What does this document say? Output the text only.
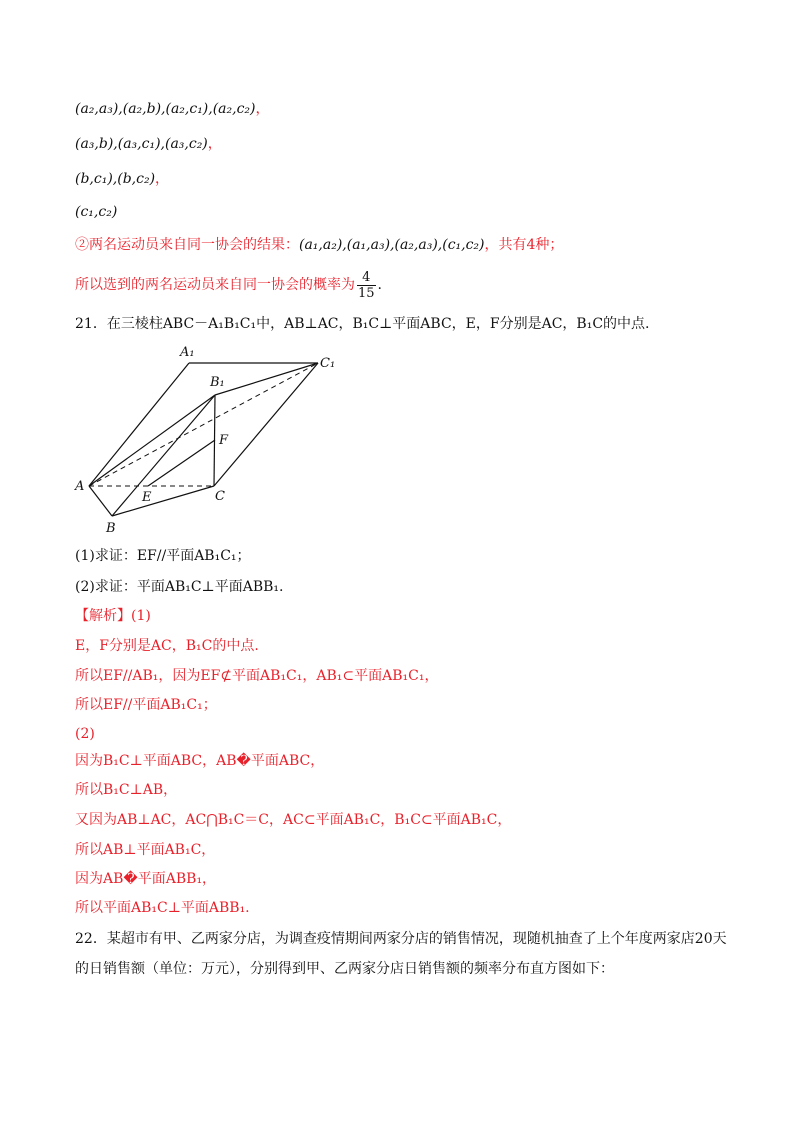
(a₂,a₃),(a₂,b),(a₂,c₁),(a₂,c₂)，
(a₃,b),(a₃,c₁),(a₃,c₂)，
(b,c₁),(b,c₂)，
(c₁,c₂)
②两名运动员来自同一协会的结果：(a₁,a₂),(a₁,a₃),(a₂,a₃),(c₁,c₂)，共有4种；
所以选到的两名运动员来自同一协会的概率为 $\frac{4}{15}$ .
21．在三棱柱ABC－A₁B₁C₁中，AB⊥AC，B₁C⊥平面ABC，E，F分别是AC，B₁C的中点.
A₁
B₁
C₁
A
B
C
E
F
(1)求证：EF//平面AB₁C₁；
(2)求证：平面AB₁C⊥平面ABB₁.
【解析】(1)
E，F分别是AC，B₁C的中点.
所以EF//AB₁，因为EF⊄平面AB₁C₁，AB₁⊂平面AB₁C₁，
所以EF//平面AB₁C₁；
(2)
因为B₁C⊥平面ABC，AB�平面ABC，
所以B₁C⊥AB，
又因为AB⊥AC，AC⋂B₁C＝C，AC⊂平面AB₁C，B₁C⊂平面AB₁C，
所以AB⊥平面AB₁C，
因为AB�平面ABB₁，
所以平面AB₁C⊥平面ABB₁.
22．某超市有甲、乙两家分店，为调查疫情期间两家分店的销售情况，现随机抽查了上个年度两家店20天的日销售额（单位：万元），分别得到甲、乙两家分店日销售额的频率分布直方图如下：
